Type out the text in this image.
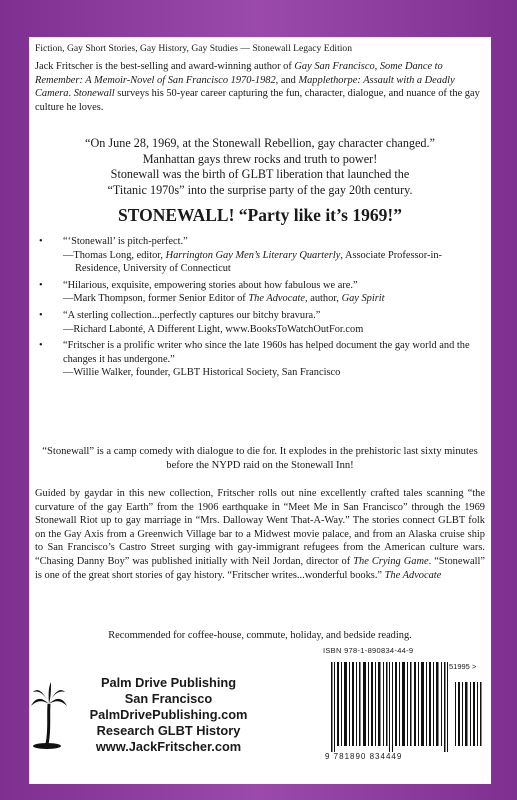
Fiction, Gay Short Stories, Gay History, Gay Studies — Stonewall Legacy Edition
Jack Fritscher is the best-selling and award-winning author of Gay San Francisco, Some Dance to Remember: A Memoir-Novel of San Francisco 1970-1982, and Mapplethorpe: Assault with a Deadly Camera. Stonewall surveys his 50-year career capturing the fun, character, dialogue, and nuance of the gay culture he loves.
“On June 28, 1969, at the Stonewall Rebellion, gay character changed.”
Manhattan gays threw rocks and truth to power!
Stonewall was the birth of GLBT liberation that launched the
“Titanic 1970s” into the surprise party of the gay 20th century.
STONEWALL! “Party like it’s 1969!”
• “‘Stonewall’ is pitch-perfect.”
—Thomas Long, editor, Harrington Gay Men’s Literary Quarterly, Associate Professor-in-Residence, University of Connecticut
• “Hilarious, exquisite, empowering stories about how fabulous we are.”
—Mark Thompson, former Senior Editor of The Advocate, author, Gay Spirit
• “A sterling collection...perfectly captures our bitchy bravura.”
—Richard Labonté, A Different Light, www.BooksToWatchOutFor.com
• “Fritscher is a prolific writer who since the late 1960s has helped document the gay world and the changes it has undergone.”
—Willie Walker, founder, GLBT Historical Society, San Francisco
“Stonewall” is a camp comedy with dialogue to die for. It explodes in the prehistoric last sixty minutes before the NYPD raid on the Stonewall Inn!
Guided by gaydar in this new collection, Fritscher rolls out nine excellently crafted tales scanning “the curvature of the gay Earth” from the 1906 earthquake in “Meet Me in San Francisco” through the 1969 Stonewall Riot up to gay marriage in “Mrs. Dalloway Went That-A-Way.” The stories connect GLBT folk on the Gay Axis from a Greenwich Village bar to a Midwest movie palace, and from an Alaska cruise ship to San Francisco’s Castro Street surging with gay-immigrant refugees from the American culture wars. “Chasing Danny Boy” was published initially with Neil Jordan, director of The Crying Game. “Stonewall” is one of the great short stories of gay history. “Fritscher writes...wonderful books.” The Advocate
Recommended for coffee-house, commute, holiday, and bedside reading.
Palm Drive Publishing
San Francisco
PalmDrivePublishing.com
Research GLBT History
www.JackFritscher.com
ISBN 978-1-890834-44-9
51995 >
9 781890 834449
